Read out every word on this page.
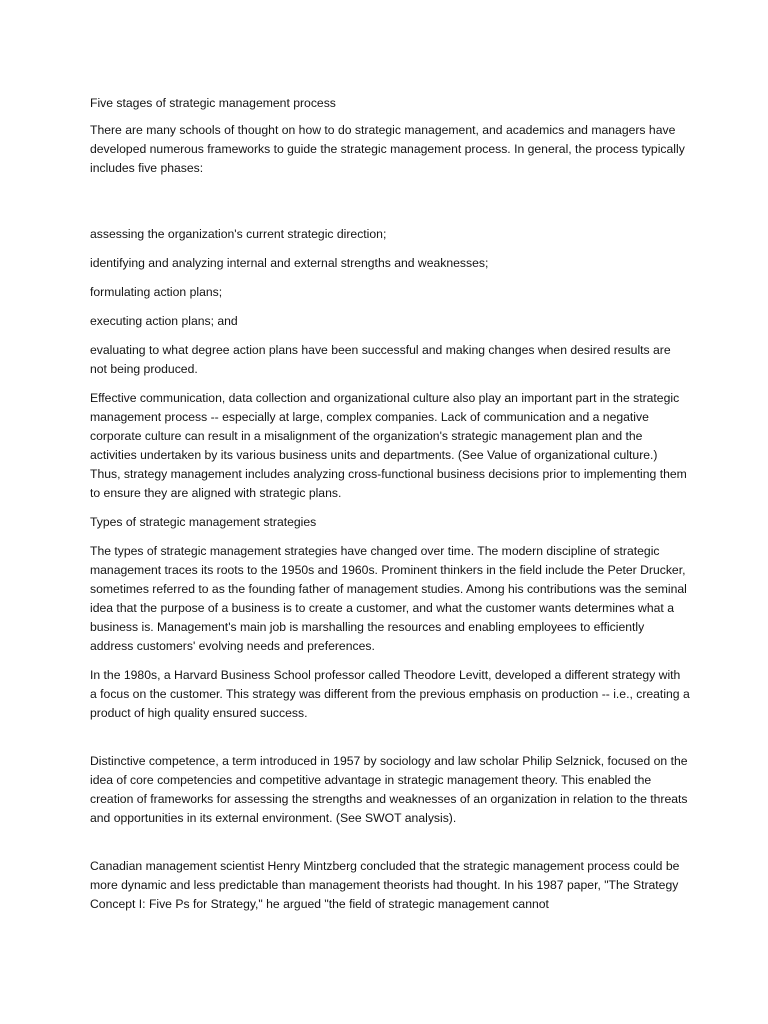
Five stages of strategic management process

There are many schools of thought on how to do strategic management, and academics and managers have developed numerous frameworks to guide the strategic management process. In general, the process typically includes five phases:

assessing the organization's current strategic direction;

identifying and analyzing internal and external strengths and weaknesses;

formulating action plans;

executing action plans; and

evaluating to what degree action plans have been successful and making changes when desired results are not being produced.

Effective communication, data collection and organizational culture also play an important part in the strategic management process -- especially at large, complex companies. Lack of communication and a negative corporate culture can result in a misalignment of the organization's strategic management plan and the activities undertaken by its various business units and departments. (See Value of organizational culture.) Thus, strategy management includes analyzing cross-functional business decisions prior to implementing them to ensure they are aligned with strategic plans.

Types of strategic management strategies

The types of strategic management strategies have changed over time. The modern discipline of strategic management traces its roots to the 1950s and 1960s. Prominent thinkers in the field include the Peter Drucker, sometimes referred to as the founding father of management studies. Among his contributions was the seminal idea that the purpose of a business is to create a customer, and what the customer wants determines what a business is. Management's main job is marshalling the resources and enabling employees to efficiently address customers' evolving needs and preferences.

In the 1980s, a Harvard Business School professor called Theodore Levitt, developed a different strategy with a focus on the customer. This strategy was different from the previous emphasis on production -- i.e., creating a product of high quality ensured success.

Distinctive competence, a term introduced in 1957 by sociology and law scholar Philip Selznick, focused on the idea of core competencies and competitive advantage in strategic management theory. This enabled the creation of frameworks for assessing the strengths and weaknesses of an organization in relation to the threats and opportunities in its external environment. (See SWOT analysis).

Canadian management scientist Henry Mintzberg concluded that the strategic management process could be more dynamic and less predictable than management theorists had thought. In his 1987 paper, "The Strategy Concept I: Five Ps for Strategy," he argued "the field of strategic management cannot
